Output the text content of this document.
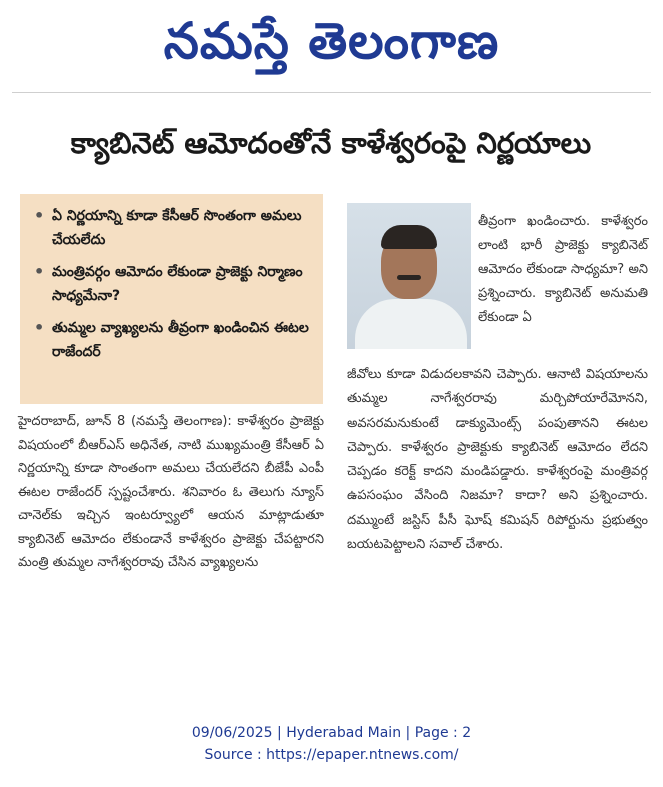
నమస్తే తెలంగాణ
క్యాబినెట్ ఆమోదంతోనే కాళేశ్వరంపై నిర్ణయాలు
• ఏ నిర్ణయాన్ని కూడా కేసీఆర్ సొంతంగా అమలు చేయలేదు
• మంత్రివర్గం ఆమోదం లేకుండా ప్రాజెక్టు నిర్మాణం సాధ్యమేనా?
• తుమ్మల వ్యాఖ్యలను తీవ్రంగా ఖండించిన ఈటల రాజేందర్

హైదరాబాద్, జూన్ 8 (నమస్తే తెలంగాణ): కాళేశ్వరం ప్రాజెక్టు విషయంలో బీఆర్ఎస్ అధినేత, నాటి ముఖ్యమంత్రి కేసీఆర్ ఏ నిర్ణయాన్ని కూడా సొంతంగా అమలు చేయలేదని బీజేపీ ఎంపీ ఈటల రాజేందర్ స్పష్టంచేశారు. శనివారం ఓ తెలుగు న్యూస్ చానెల్‌కు ఇచ్చిన ఇంటర్వ్యూలో ఆయన మాట్లాడుతూ క్యాబినెట్ ఆమోదం లేకుండానే కాళేశ్వరం ప్రాజెక్టు చేపట్టారని మంత్రి తుమ్మల నాగేశ్వరరావు చేసిన వ్యాఖ్యలను

తీవ్రంగా ఖండించారు. కాళేశ్వరం లాంటి భారీ ప్రాజెక్టు క్యాబినెట్ ఆమోదం లేకుండా సాధ్యమా? అని ప్రశ్నించారు. క్యాబినెట్ అనుమతి లేకుండా ఏ

జీవోలు కూడా విడుదలకావని చెప్పారు. ఆనాటి విషయాలను తుమ్మల నాగేశ్వరరావు మర్చిపోయారేమోనని, అవసరమనుకుంటే డాక్యుమెంట్స్ పంపుతానని ఈటల చెప్పారు. కాళేశ్వరం ప్రాజెక్టుకు క్యాబినెట్ ఆమోదం లేదని చెప్పడం కరెక్ట్ కాదని మండిపడ్డారు. కాళేశ్వరంపై మంత్రివర్గ ఉపసంఘం వేసింది నిజమా? కాదా? అని ప్రశ్నించారు. దమ్ముంటే జస్టిస్ పీసీ ఘోష్ కమిషన్ రిపోర్టును ప్రభుత్వం బయటపెట్టాలని సవాల్ చేశారు.

09/06/2025 | Hyderabad Main | Page : 2
Source : https://epaper.ntnews.com/
